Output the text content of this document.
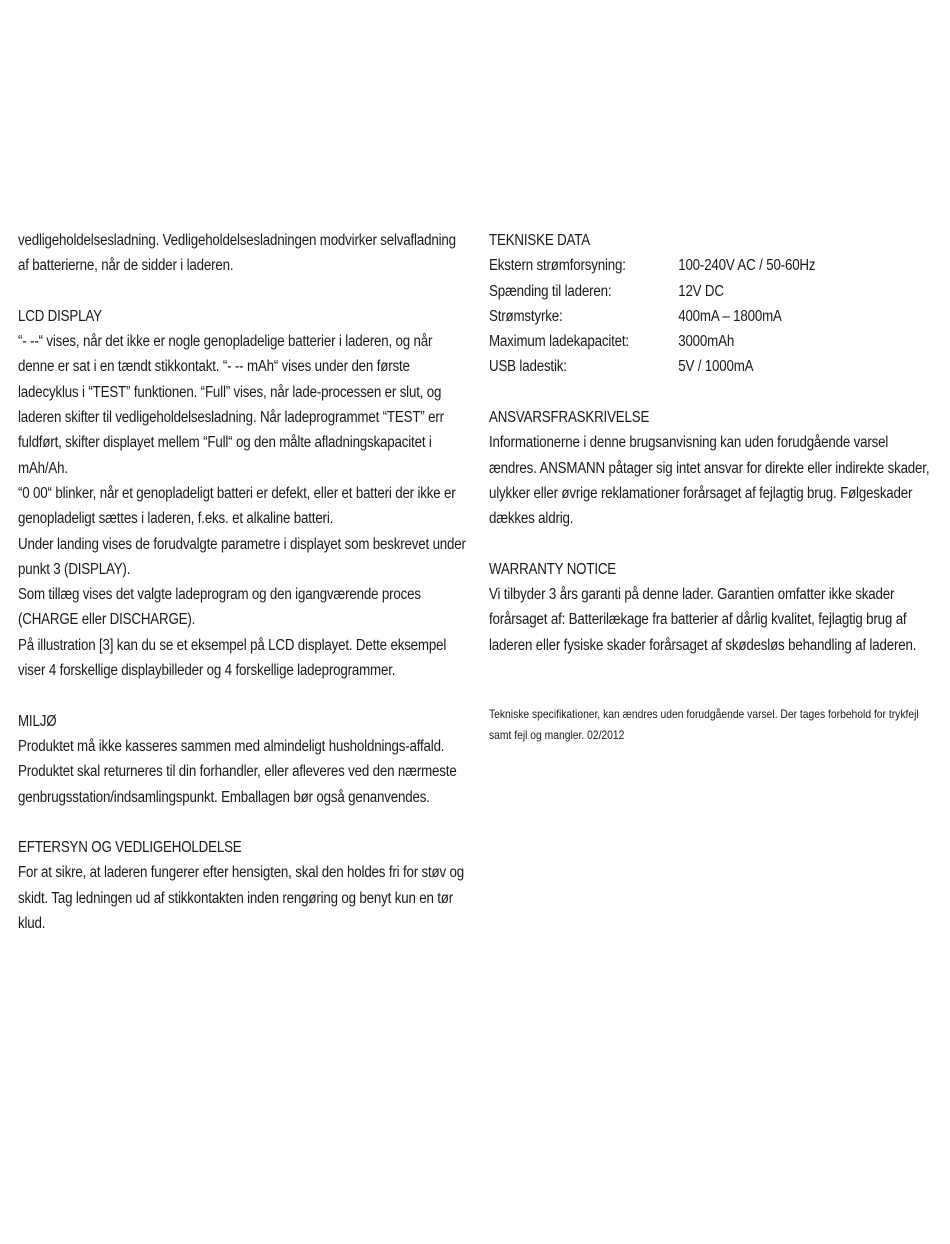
vedligeholdelsesladning. Vedligeholdelsesladningen modvirker selvafladning af batterierne, når de sidder i laderen.

LCD DISPLAY

“- --“ vises, når det ikke er nogle genopladelige batterier i laderen, og når denne er sat i en tændt stikkontakt. “- -- mAh“ vises under den første ladecyklus i “TEST” funktionen. “Full” vises, når lade-processen er slut, og laderen skifter til vedligeholdelsesladning. Når ladeprogrammet “TEST” err fuldført, skifter displayet mellem “Full“ og den målte afladningskapacitet i mAh/Ah.

“0 00“ blinker, når et genopladeligt batteri er defekt, eller et batteri der ikke er genopladeligt sættes i laderen, f.eks. et alkaline batteri.

Under landing vises de forudvalgte parametre i displayet som beskrevet under punkt 3 (DISPLAY).

Som tillæg vises det valgte ladeprogram og den igangværende proces (CHARGE eller DISCHARGE).

På illustration [3] kan du se et eksempel på LCD displayet. Dette eksempel viser 4 forskellige displaybilleder og 4 forskellige ladeprogrammer.

MILJØ

Produktet må ikke kasseres sammen med almindeligt husholdnings-affald. Produktet skal returneres til din forhandler, eller afleveres ved den nærmeste genbrugsstation/indsamlingspunkt. Emballagen bør også genanvendes.

EFTERSYN OG VEDLIGEHOLDELSE

For at sikre, at laderen fungerer efter hensigten, skal den holdes fri for støv og skidt. Tag ledningen ud af stikkontakten inden rengøring og benyt kun en tør klud.

TEKNISKE DATA

Ekstern strømforsyning:	100-240V AC / 50-60Hz
Spænding til laderen:	12V DC
Strømstyrke:	400mA – 1800mA
Maximum ladekapacitet:	3000mAh
USB ladestik:	5V / 1000mA

ANSVARSFRASKRIVELSE

Informationerne i denne brugsanvisning kan uden forudgående varsel ændres. ANSMANN påtager sig intet ansvar for direkte eller indirekte skader, ulykker eller øvrige reklamationer forårsaget af fejlagtig brug. Følgeskader dækkes aldrig.

WARRANTY NOTICE

Vi tilbyder 3 års garanti på denne lader. Garantien omfatter ikke skader forårsaget af: Batterilækage fra batterier af dårlig kvalitet, fejlagtig brug af laderen eller fysiske skader forårsaget af skødesløs behandling af laderen.

Tekniske specifikationer, kan ændres uden forudgående varsel. Der tages forbehold for trykfejl samt fejl og mangler. 02/2012
